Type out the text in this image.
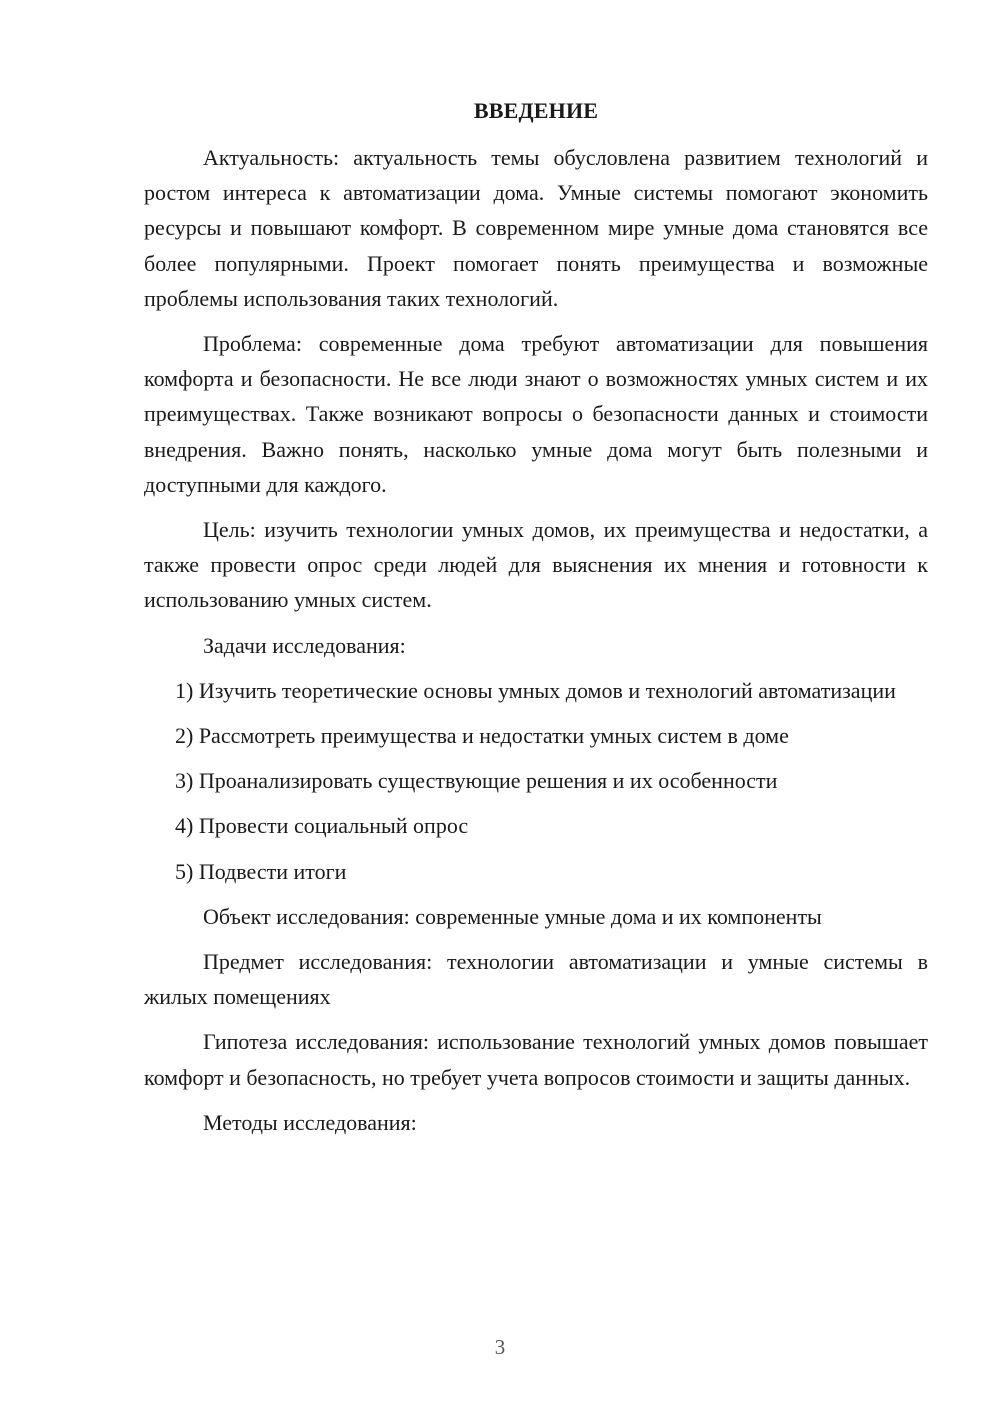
ВВЕДЕНИЕ

Актуальность: актуальность темы обусловлена развитием технологий и ростом интереса к автоматизации дома. Умные системы помогают экономить ресурсы и повышают комфорт. В современном мире умные дома становятся все более популярными. Проект помогает понять преимущества и возможные проблемы использования таких технологий.

Проблема: современные дома требуют автоматизации для повышения комфорта и безопасности. Не все люди знают о возможностях умных систем и их преимуществах. Также возникают вопросы о безопасности данных и стоимости внедрения. Важно понять, насколько умные дома могут быть полезными и доступными для каждого.

Цель: изучить технологии умных домов, их преимущества и недостатки, а также провести опрос среди людей для выяснения их мнения и готовности к использованию умных систем.

Задачи исследования:

1) Изучить теоретические основы умных домов и технологий автоматизации

2) Рассмотреть преимущества и недостатки умных систем в доме

3) Проанализировать существующие решения и их особенности

4) Провести социальный опрос

5) Подвести итоги

Объект исследования: современные умные дома и их компоненты

Предмет исследования: технологии автоматизации и умные системы в жилых помещениях

Гипотеза исследования: использование технологий умных домов повышает комфорт и безопасность, но требует учета вопросов стоимости и защиты данных.

Методы исследования:

3
